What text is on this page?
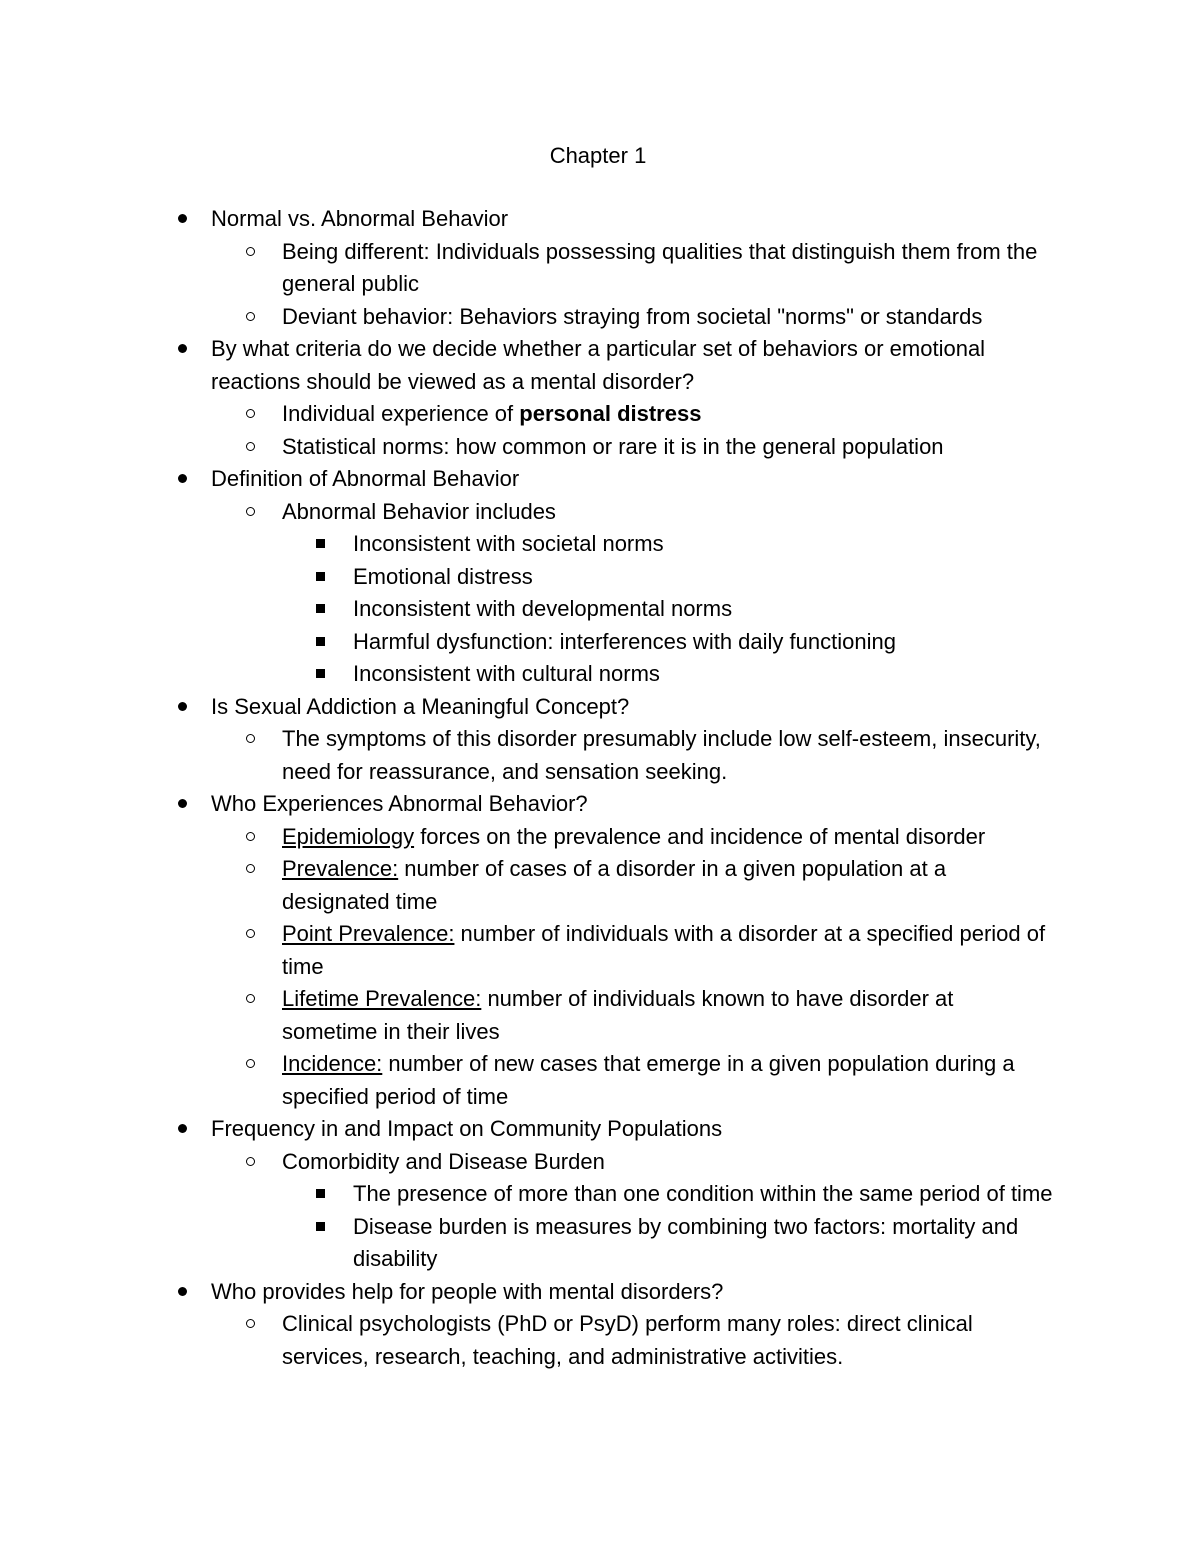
Chapter 1
Normal vs. Abnormal Behavior
Being different: Individuals possessing qualities that distinguish them from the general public
Deviant behavior: Behaviors straying from societal "norms" or standards
By what criteria do we decide whether a particular set of behaviors or emotional reactions should be viewed as a mental disorder?
Individual experience of personal distress
Statistical norms: how common or rare it is in the general population
Definition of Abnormal Behavior
Abnormal Behavior includes
Inconsistent with societal norms
Emotional distress
Inconsistent with developmental norms
Harmful dysfunction: interferences with daily functioning
Inconsistent with cultural norms
Is Sexual Addiction a Meaningful Concept?
The symptoms of this disorder presumably include low self-esteem, insecurity, need for reassurance, and sensation seeking.
Who Experiences Abnormal Behavior?
Epidemiology forces on the prevalence and incidence of mental disorder
Prevalence: number of cases of a disorder in a given population at a designated time
Point Prevalence: number of individuals with a disorder at a specified period of time
Lifetime Prevalence: number of individuals known to have disorder at sometime in their lives
Incidence: number of new cases that emerge in a given population during a specified period of time
Frequency in and Impact on Community Populations
Comorbidity and Disease Burden
The presence of more than one condition within the same period of time
Disease burden is measures by combining two factors: mortality and disability
Who provides help for people with mental disorders?
Clinical psychologists (PhD or PsyD) perform many roles: direct clinical services, research, teaching, and administrative activities.
